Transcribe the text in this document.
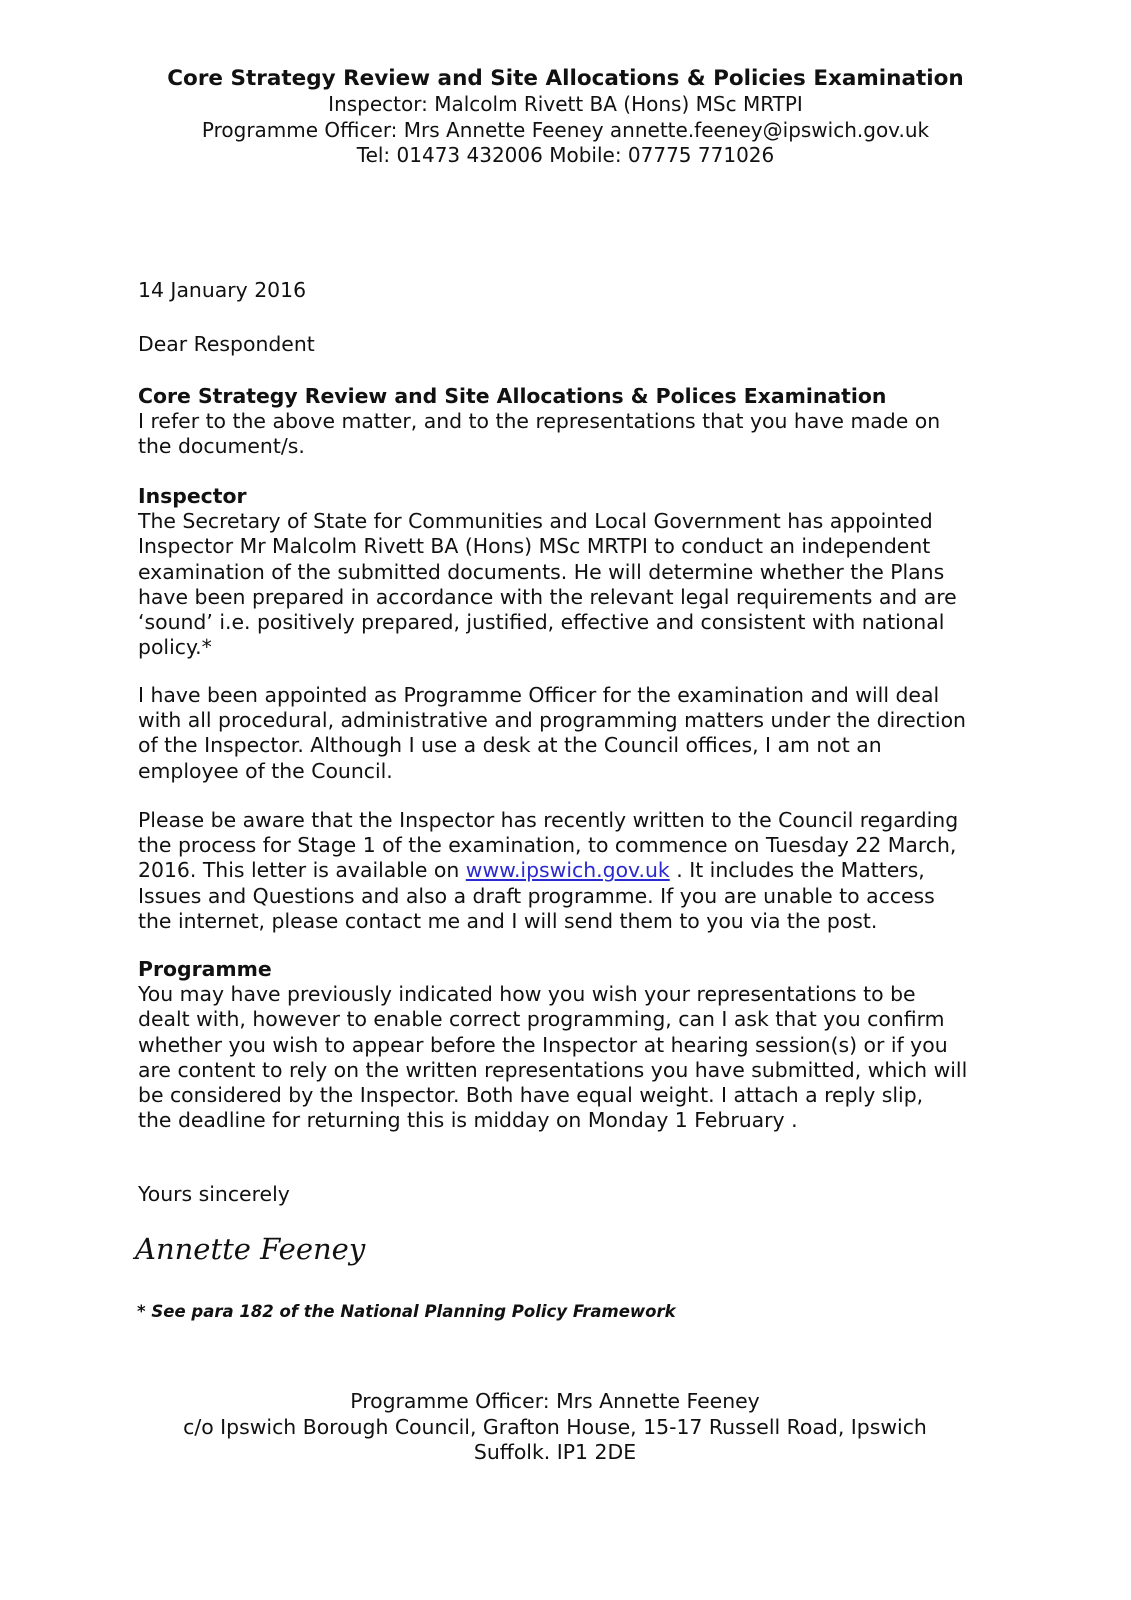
Core Strategy Review and Site Allocations & Policies Examination
Inspector: Malcolm Rivett BA (Hons) MSc MRTPI
Programme Officer: Mrs Annette Feeney annette.feeney@ipswich.gov.uk
Tel: 01473 432006 Mobile: 07775 771026
14 January 2016
Dear Respondent
Core Strategy Review and Site Allocations & Polices Examination
I refer to the above matter, and to the representations that you have made on
the document/s.
Inspector
The Secretary of State for Communities and Local Government has appointed
Inspector Mr Malcolm Rivett BA (Hons) MSc MRTPI to conduct an independent
examination of the submitted documents. He will determine whether the Plans
have been prepared in accordance with the relevant legal requirements and are
‘sound’ i.e. positively prepared, justified, effective and consistent with national
policy.*
I have been appointed as Programme Officer for the examination and will deal
with all procedural, administrative and programming matters under the direction
of the Inspector. Although I use a desk at the Council offices, I am not an
employee of the Council.
Please be aware that the Inspector has recently written to the Council regarding
the process for Stage 1 of the examination, to commence on Tuesday 22 March,
2016. This letter is available on www.ipswich.gov.uk . It includes the Matters,
Issues and Questions and also a draft programme. If you are unable to access
the internet, please contact me and I will send them to you via the post.
Programme
You may have previously indicated how you wish your representations to be
dealt with, however to enable correct programming, can I ask that you confirm
whether you wish to appear before the Inspector at hearing session(s) or if you
are content to rely on the written representations you have submitted, which will
be considered by the Inspector. Both have equal weight. I attach a reply slip,
the deadline for returning this is midday on Monday 1 February .
Yours sincerely
Annette Feeney
* See para 182 of the National Planning Policy Framework
Programme Officer: Mrs Annette Feeney
c/o Ipswich Borough Council, Grafton House, 15-17 Russell Road, Ipswich
Suffolk. IP1 2DE
